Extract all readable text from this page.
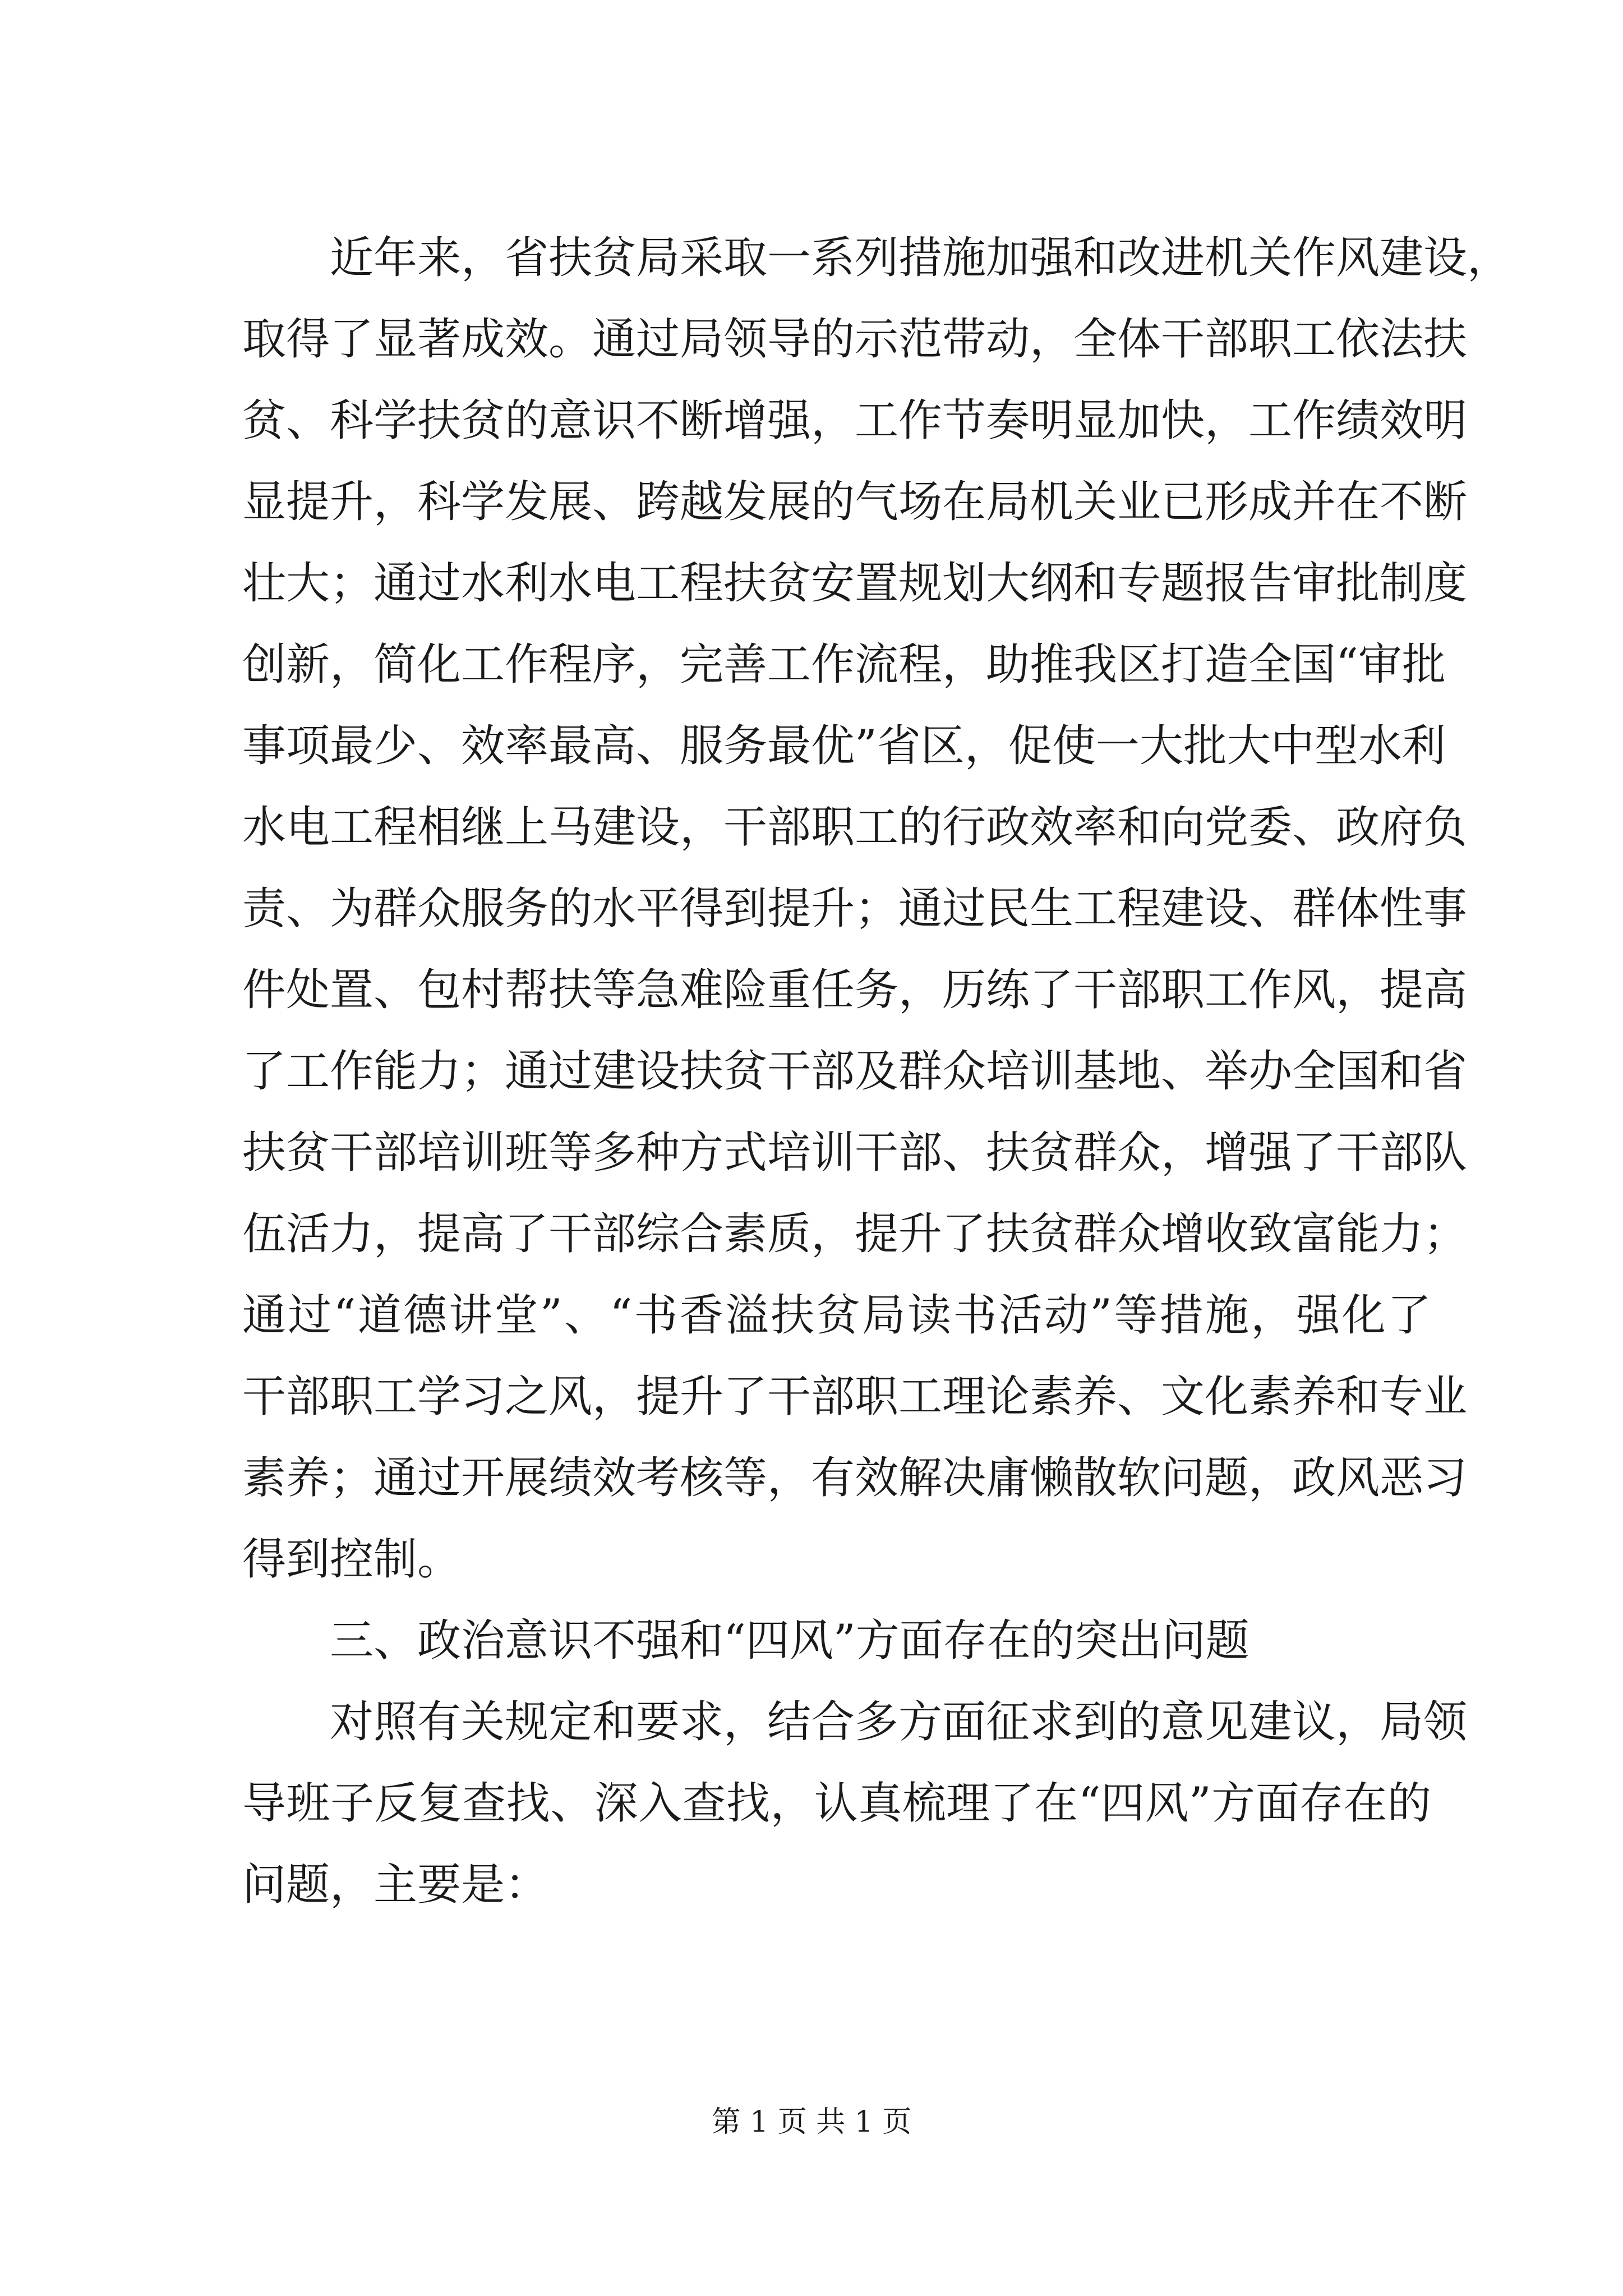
近年来，省扶贫局采取一系列措施加强和改进机关作风建设，
取得了显著成效。通过局领导的示范带动，全体干部职工依法扶
贫、科学扶贫的意识不断增强，工作节奏明显加快，工作绩效明
显提升，科学发展、跨越发展的气场在局机关业已形成并在不断
壮大；通过水利水电工程扶贫安置规划大纲和专题报告审批制度
创新，简化工作程序，完善工作流程，助推我区打造全国“审批
事项最少、效率最高、服务最优”省区，促使一大批大中型水利
水电工程相继上马建设，干部职工的行政效率和向党委、政府负
责、为群众服务的水平得到提升；通过民生工程建设、群体性事
件处置、包村帮扶等急难险重任务，历练了干部职工作风，提高
了工作能力；通过建设扶贫干部及群众培训基地、举办全国和省
扶贫干部培训班等多种方式培训干部、扶贫群众，增强了干部队
伍活力，提高了干部综合素质，提升了扶贫群众增收致富能力；
通过“道德讲堂”、“书香溢扶贫局读书活动”等措施，强化了
干部职工学习之风，提升了干部职工理论素养、文化素养和专业
素养；通过开展绩效考核等，有效解决庸懒散软问题，政风恶习
得到控制。
三、政治意识不强和“四风”方面存在的突出问题
对照有关规定和要求，结合多方面征求到的意见建议，局领
导班子反复查找、深入查找，认真梳理了在“四风”方面存在的
问题，主要是：
第 1 页 共 1 页
